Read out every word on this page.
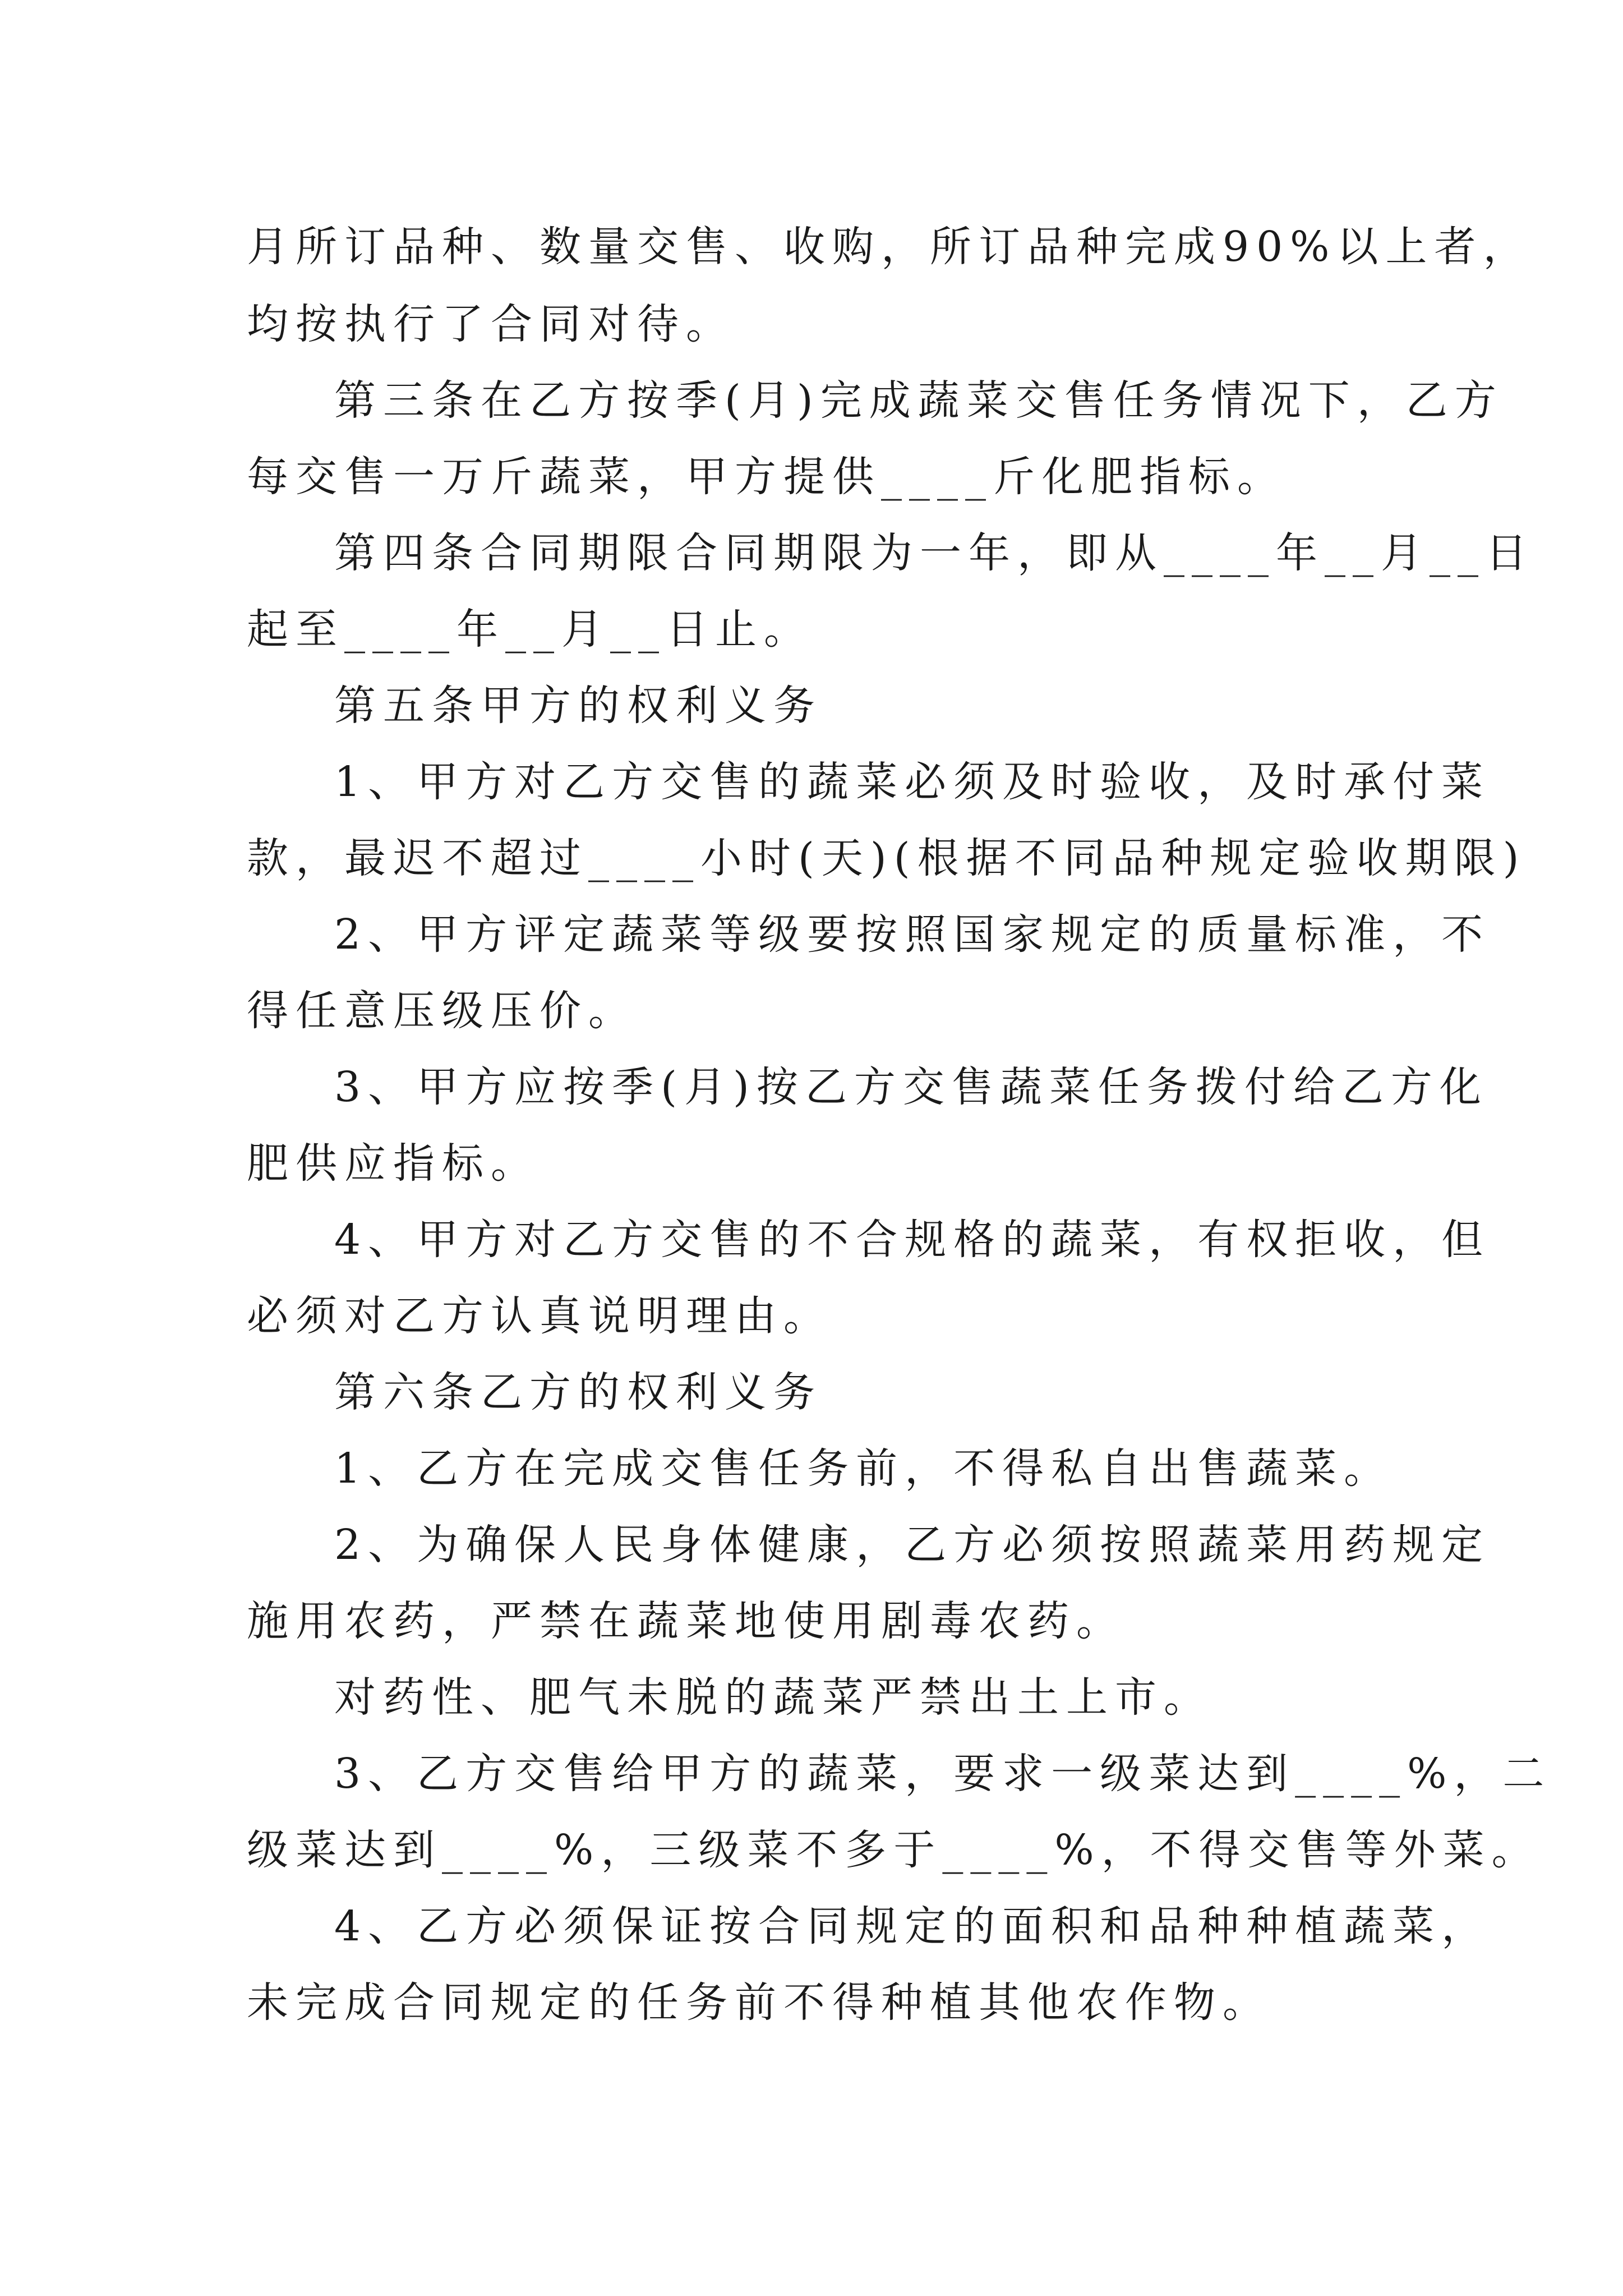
月所订品种、数量交售、收购，所订品种完成90%以上者，
均按执行了合同对待。
第三条在乙方按季(月)完成蔬菜交售任务情况下，乙方
每交售一万斤蔬菜，甲方提供____斤化肥指标。
第四条合同期限合同期限为一年，即从____年__月__日
起至____年__月__日止。
第五条甲方的权利义务
1、甲方对乙方交售的蔬菜必须及时验收，及时承付菜
款，最迟不超过____小时(天)(根据不同品种规定验收期限)
2、甲方评定蔬菜等级要按照国家规定的质量标准，不
得任意压级压价。
3、甲方应按季(月)按乙方交售蔬菜任务拨付给乙方化
肥供应指标。
4、甲方对乙方交售的不合规格的蔬菜，有权拒收，但
必须对乙方认真说明理由。
第六条乙方的权利义务
1、乙方在完成交售任务前，不得私自出售蔬菜。
2、为确保人民身体健康，乙方必须按照蔬菜用药规定
施用农药，严禁在蔬菜地使用剧毒农药。
对药性、肥气未脱的蔬菜严禁出土上市。
3、乙方交售给甲方的蔬菜，要求一级菜达到____%，二
级菜达到____%，三级菜不多于____%，不得交售等外菜。
4、乙方必须保证按合同规定的面积和品种种植蔬菜，
未完成合同规定的任务前不得种植其他农作物。
